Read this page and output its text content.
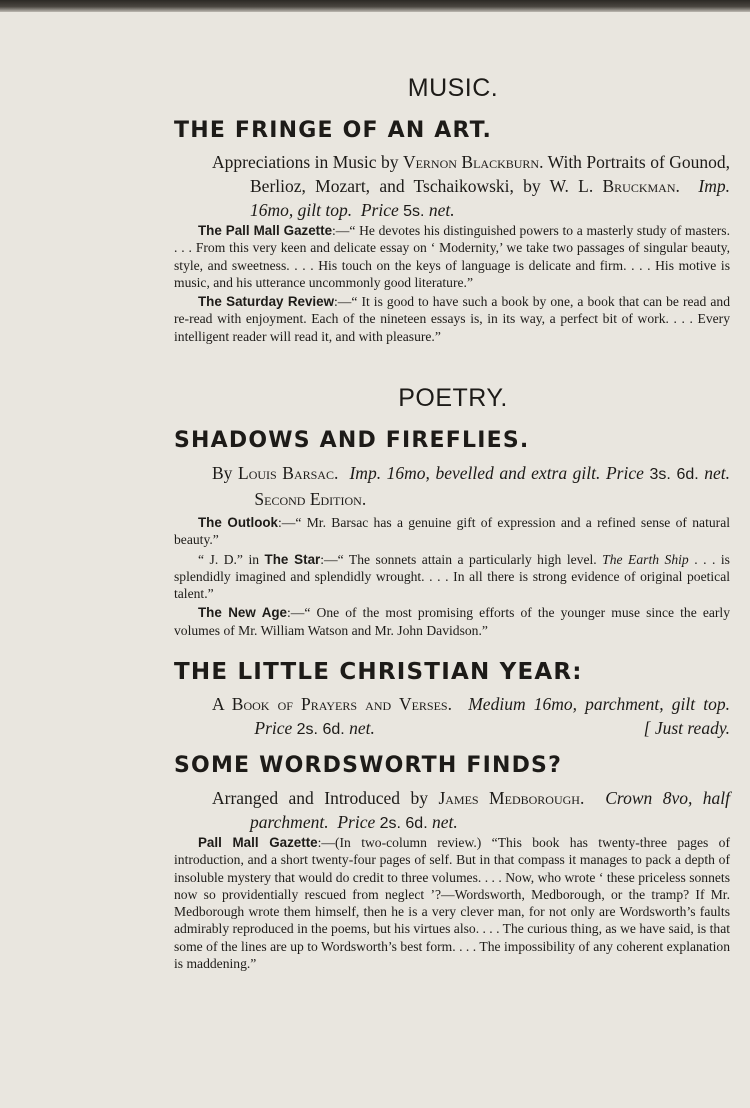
MUSIC.
THE FRINGE OF AN ART.
Appreciations in Music by Vernon Blackburn. With Portraits of Gounod, Berlioz, Mozart, and Tschaikowski, by W. L. Bruckman. Imp. 16mo, gilt top. Price 5s. net.

The Pall Mall Gazette:—“ He devotes his distinguished powers to a masterly study of masters. . . . From this very keen and delicate essay on ‘ Modernity,’ we take two passages of singular beauty, style, and sweetness. . . . His touch on the keys of language is delicate and firm. . . . His motive is music, and his utterance uncommonly good literature.”

The Saturday Review:—“ It is good to have such a book by one, a book that can be read and re-read with enjoyment. Each of the nineteen essays is, in its way, a perfect bit of work. . . . Every intelligent reader will read it, and with pleasure.”

POETRY.
SHADOWS AND FIREFLIES.
By Louis Barsac. Imp. 16mo, bevelled and extra gilt. Price 3s. 6d. net.  Second Edition.

The Outlook:—“ Mr. Barsac has a genuine gift of expression and a refined sense of natural beauty.”

“ J. D.” in The Star:—“ The sonnets attain a particularly high level. The Earth Ship . . . is splendidly imagined and splendidly wrought. . . . In all there is strong evidence of original poetical talent.”

The New Age:—“ One of the most promising efforts of the younger muse since the early volumes of Mr. William Watson and Mr. John Davidson.”

THE LITTLE CHRISTIAN YEAR:
A Book of Prayers and Verses. Medium 16mo, parchment, gilt top.  Price 2s. 6d. net.	[ Just ready.
SOME WORDSWORTH FINDS?
Arranged and Introduced by James Medborough. Crown 8vo, half parchment. Price 2s. 6d. net.

Pall Mall Gazette:—(In two-column review.) “This book has twenty-three pages of introduction, and a short twenty-four pages of self. But in that compass it manages to pack a depth of insoluble mystery that would do credit to three volumes. . . . Now, who wrote ‘ these priceless sonnets now so providentially rescued from neglect ’?—Wordsworth, Medborough, or the tramp? If Mr. Medborough wrote them himself, then he is a very clever man, for not only are Wordsworth’s faults admirably reproduced in the poems, but his virtues also. . . . The curious thing, as we have said, is that some of the lines are up to Wordsworth’s best form. . . . The impossibility of any coherent explanation is maddening.”
